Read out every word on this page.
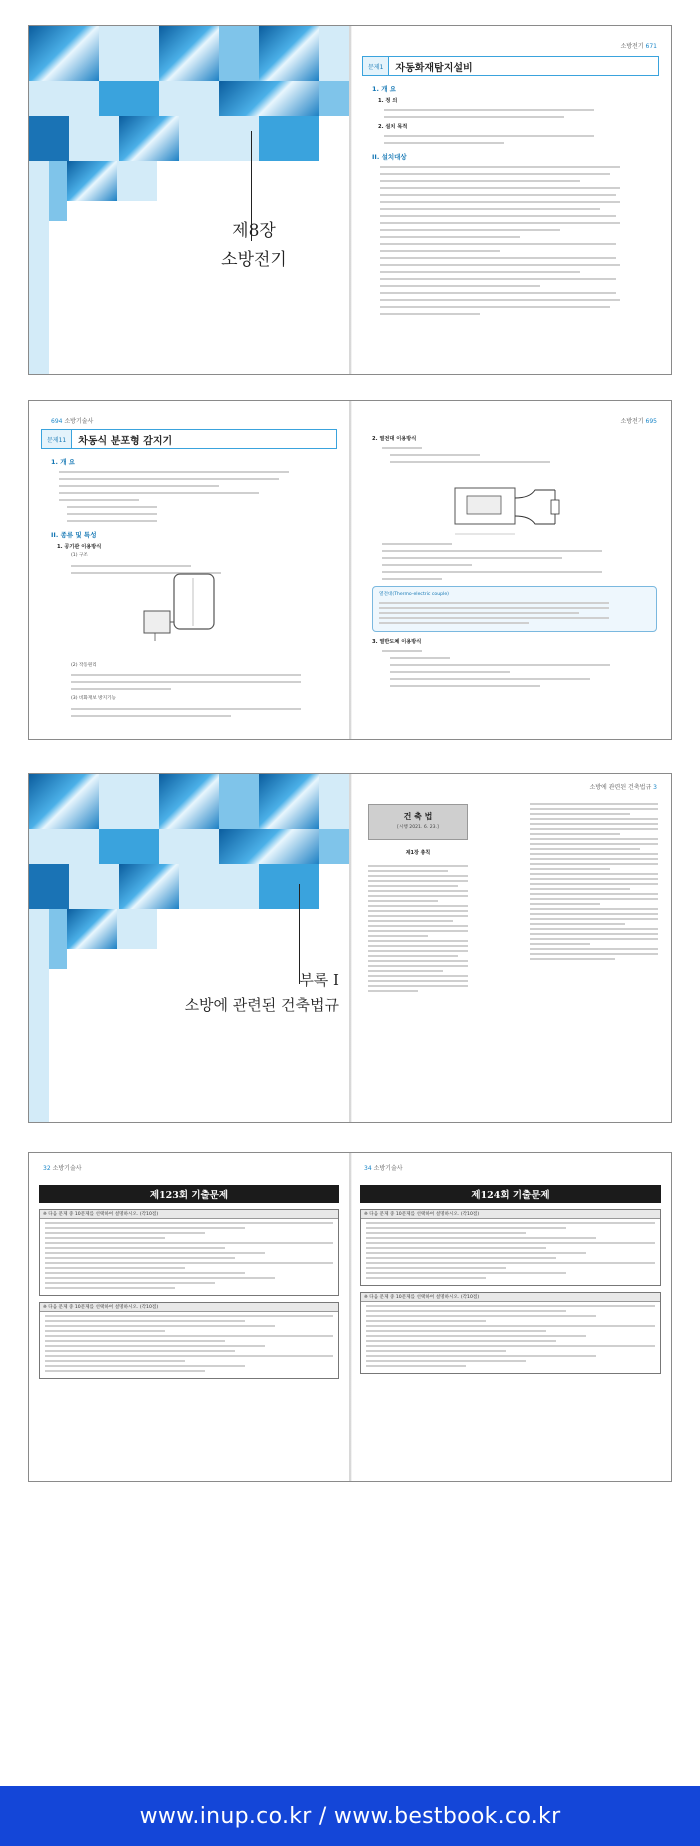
제8장
소방전기
소방전기 671
문제1	자동화재탐지설비
1. 개 요
1. 정 의
2. 설치 목적
II. 설치대상
694 소방기술사
문제11	차동식 분포형 감지기
1. 개 요
II. 종류 및 특성
1. 공기관 이용방식
(1) 구조
(2) 작동원리
(3) 비화재보 방지기능
소방전기 695
2. 열전대 이용방식
열전대(Thermo-electric couple)
3. 열반도체 이용방식
부록 I
소방에 관련된 건축법규
소방에 관련된 건축법규 3
건 축 법
[시행 2021. 6. 23.]
제1장 총칙
32 소방기술사
제123회 기출문제
※ 다음 문제 중 10문제를 선택하여 설명하시오. (각10점)
※ 다음 문제 중 10문제를 선택하여 설명하시오. (각10점)
34 소방기술사
제124회 기출문제
※ 다음 문제 중 10문제를 선택하여 설명하시오. (각10점)
※ 다음 문제 중 10문제를 선택하여 설명하시오. (각10점)
www.inup.co.kr / www.bestbook.co.kr
